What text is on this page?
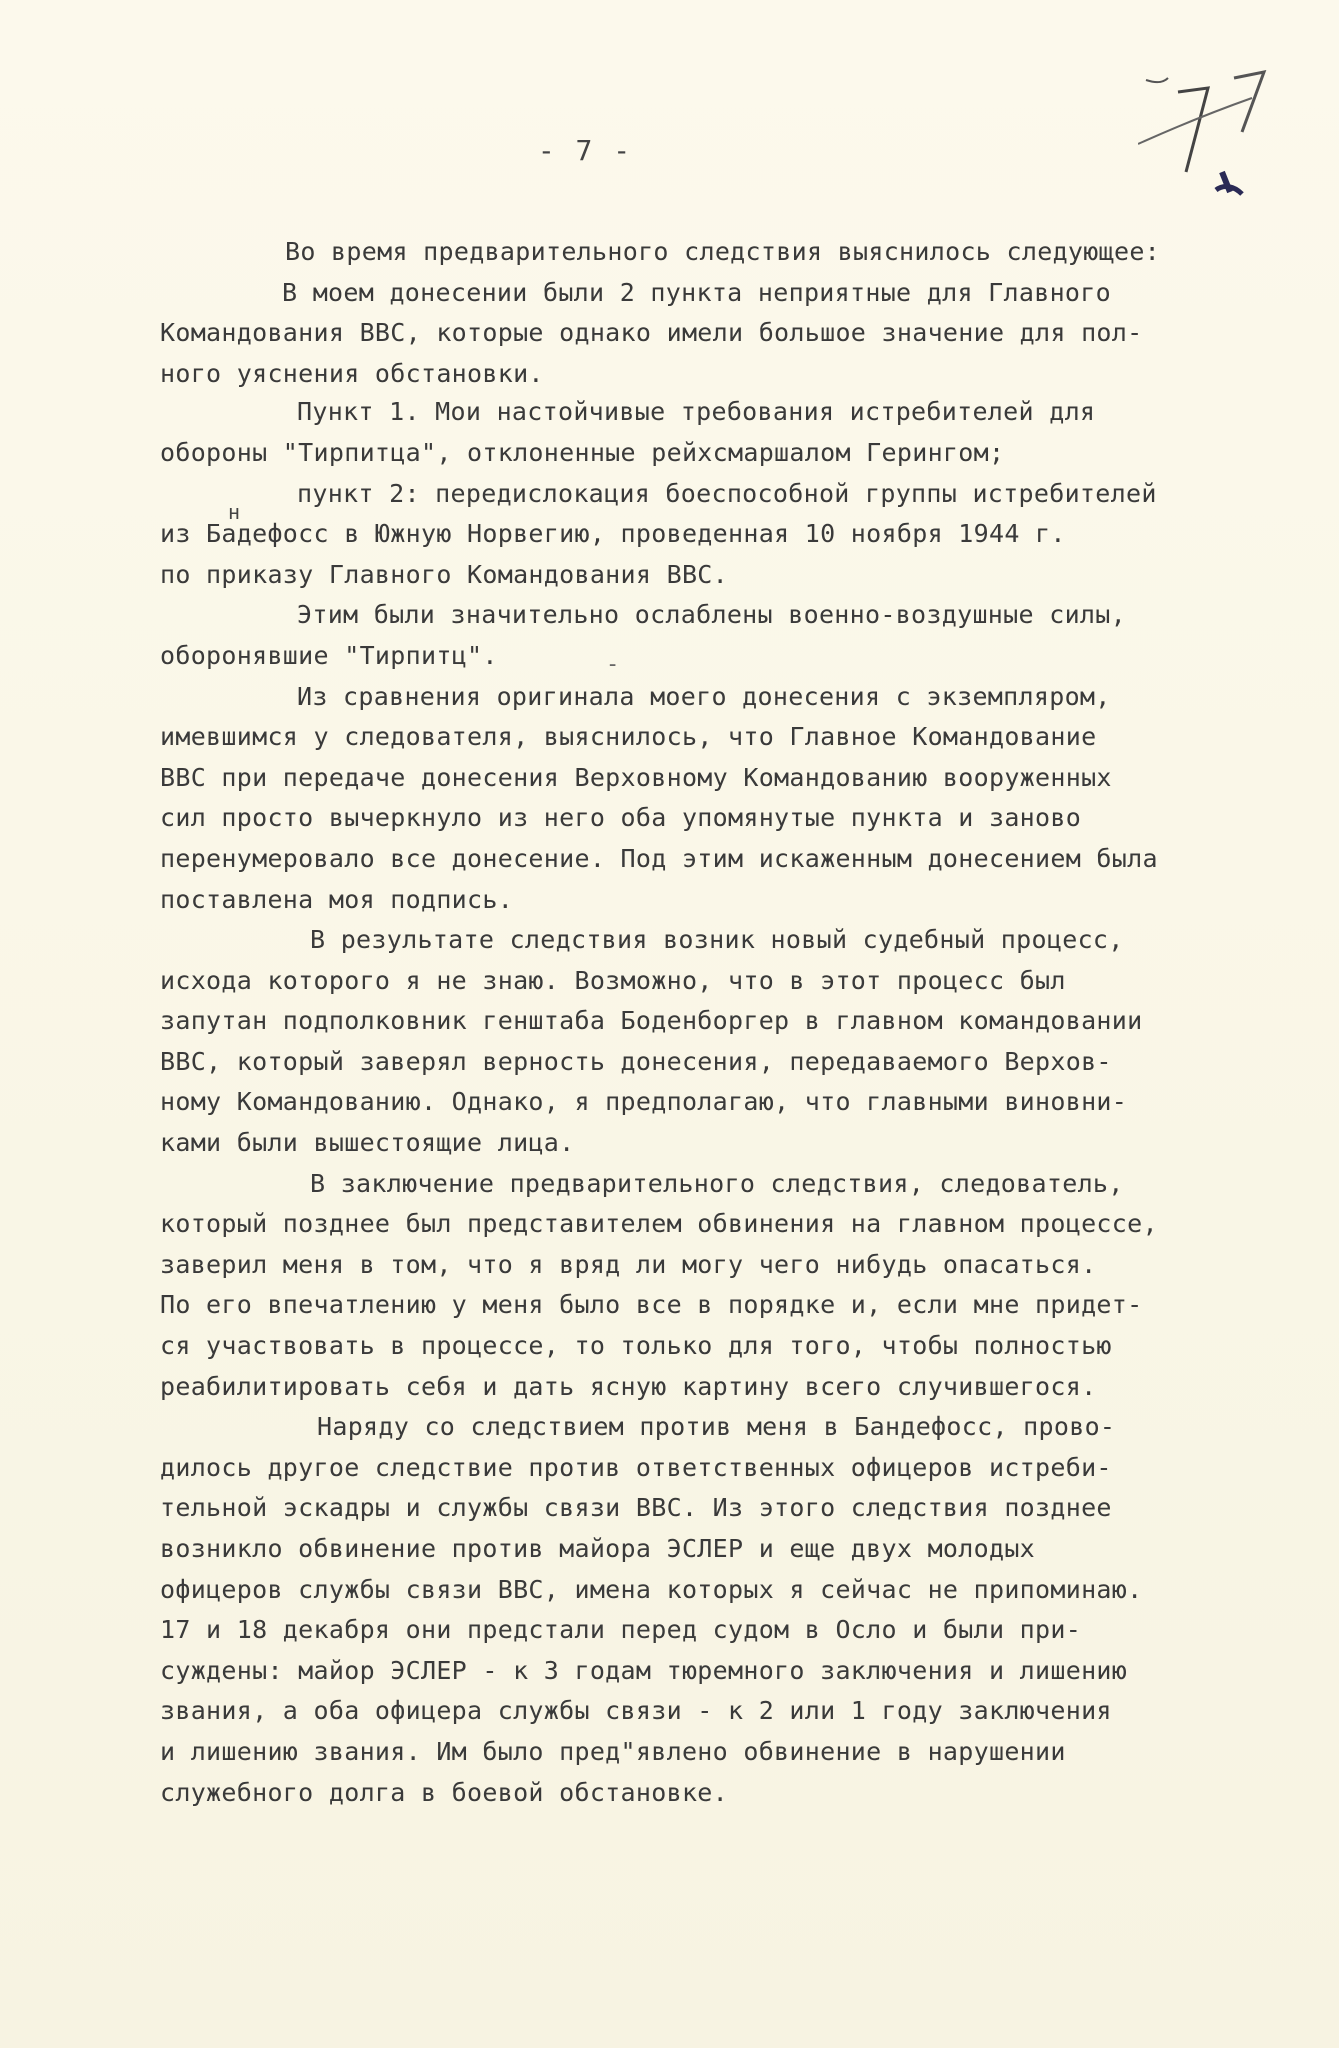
- 7 -
Во время предварительного следствия выяснилось следующее:
В моем донесении были 2 пункта неприятные для Главного
Командования ВВС, которые однако имели большое значение для пол-
ного уяснения обстановки.
Пункт 1. Мои настойчивые требования истребителей для
обороны "Тирпитца", отклоненные рейхсмаршалом Герингом;
пункт 2: передислокация боеспособной группы истребителей
из Бадефосс в Южную Норвегию, проведенная 10 ноября 1944 г.
по приказу Главного Командования ВВС.
Этим были значительно ослаблены военно-воздушные силы,
оборонявшие "Тирпитц".
Из сравнения оригинала моего донесения с экземпляром,
имевшимся у следователя, выяснилось, что Главное Командование
ВВС при передаче донесения Верховному Командованию вооруженных
сил просто вычеркнуло из него оба упомянутые пункта и заново
перенумеровало все донесение. Под этим искаженным донесением была
поставлена моя подпись.
В результате следствия возник новый судебный процесс,
исхода которого я не знаю. Возможно, что в этот процесс был
запутан подполковник генштаба Боденборгер в главном командовании
ВВС, который заверял верность донесения, передаваемого Верхов-
ному Командованию. Однако, я предполагаю, что главными виновни-
ками были вышестоящие лица.
В заключение предварительного следствия, следователь,
который позднее был представителем обвинения на главном процессе,
заверил меня в том, что я вряд ли могу чего нибудь опасаться.
По его впечатлению у меня было все в порядке и, если мне придет-
ся участвовать в процессе, то только для того, чтобы полностью
реабилитировать себя и дать ясную картину всего случившегося.
Наряду со следствием против меня в Бандефосс, прово-
дилось другое следствие против ответственных офицеров истреби-
тельной эскадры и службы связи ВВС. Из этого следствия позднее
возникло обвинение против майора ЭСЛЕР и еще двух молодых
офицеров службы связи ВВС, имена которых я сейчас не припоминаю.
17 и 18 декабря они предстали перед судом в Осло и были при-
суждены: майор ЭСЛЕР - к 3 годам тюремного заключения и лишению
звания, а оба офицера службы связи - к 2 или 1 году заключения
и лишению звания. Им было пред"явлено обвинение в нарушении
служебного долга в боевой обстановке.
н
-
